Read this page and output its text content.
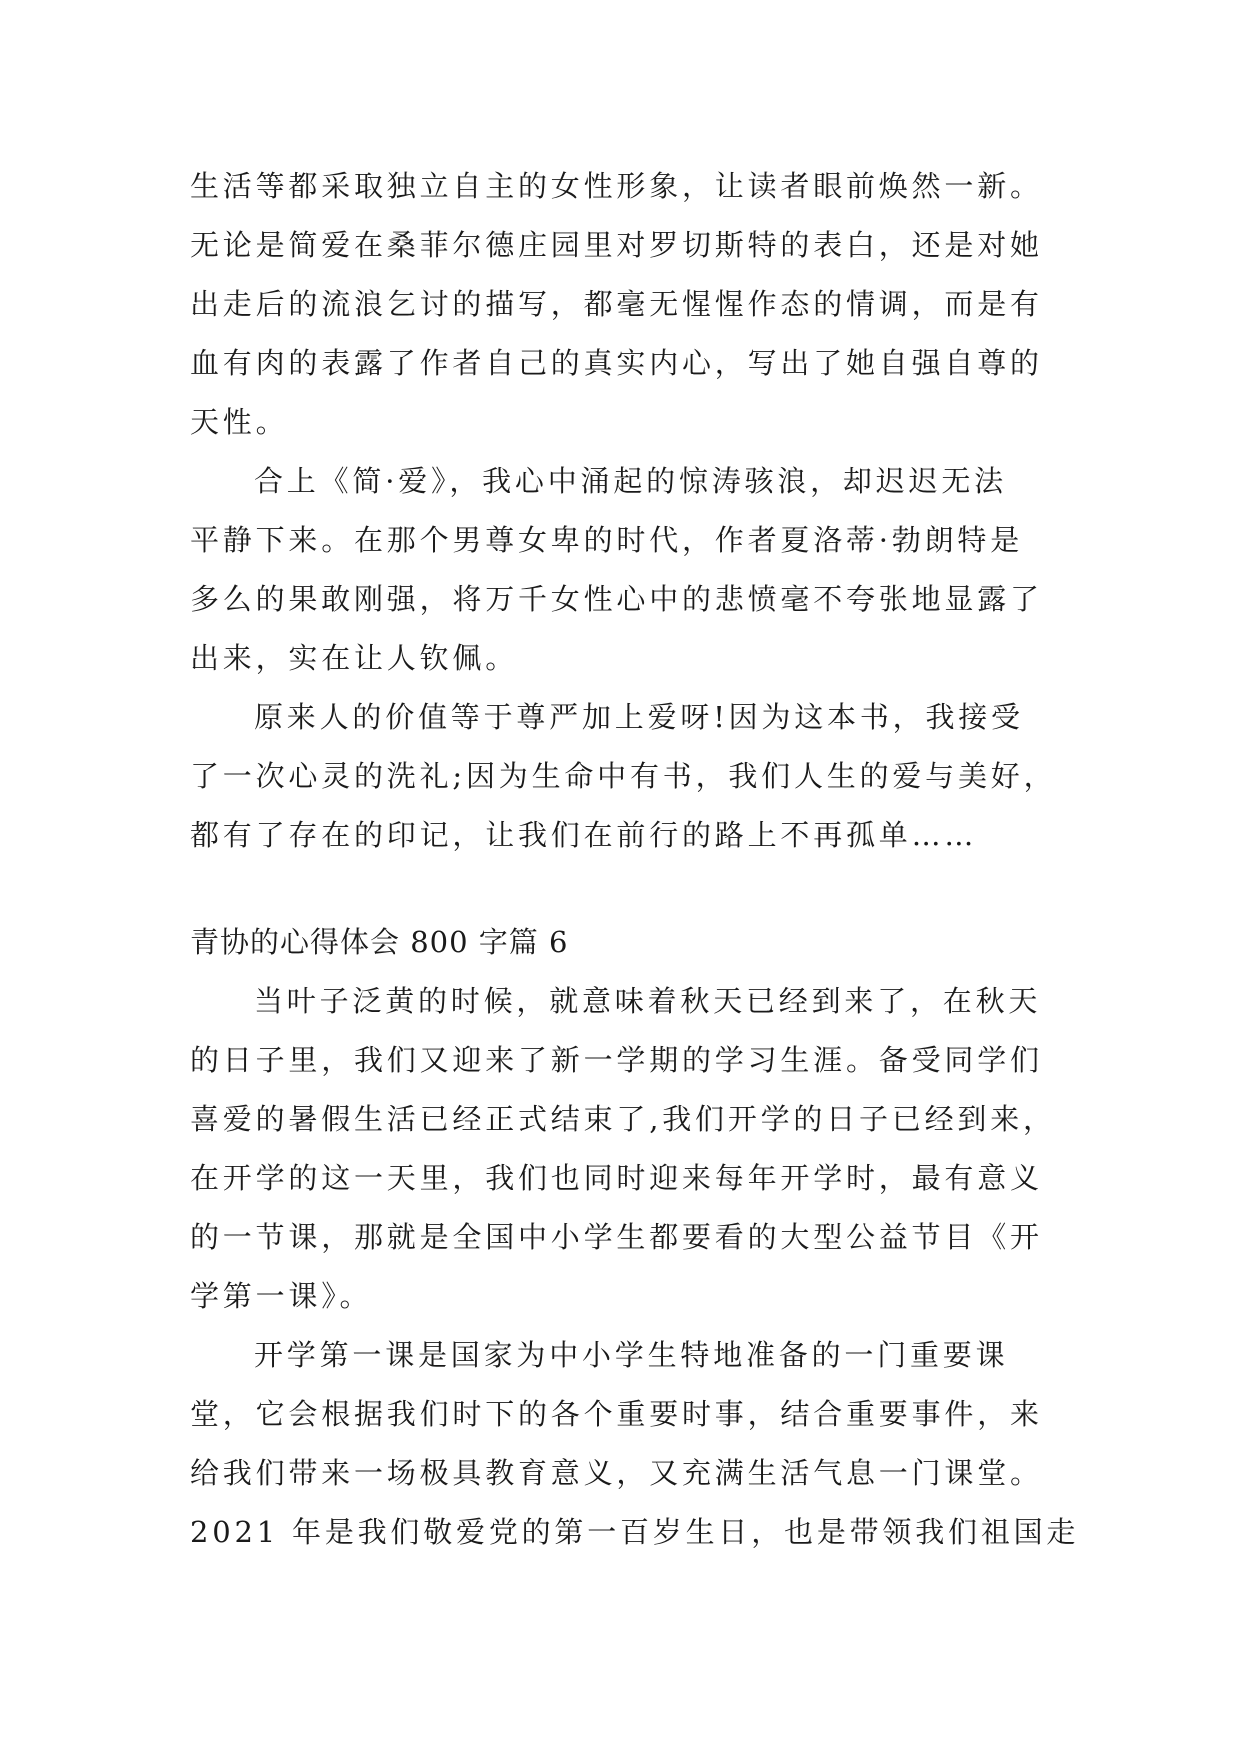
生活等都采取独立自主的女性形象，让读者眼前焕然一新。
无论是简爱在桑菲尔德庄园里对罗切斯特的表白，还是对她
出走后的流浪乞讨的描写，都毫无惺惺作态的情调，而是有
血有肉的表露了作者自己的真实内心，写出了她自强自尊的
天性。
合上《简·爱》，我心中涌起的惊涛骇浪，却迟迟无法
平静下来。在那个男尊女卑的时代，作者夏洛蒂·勃朗特是
多么的果敢刚强，将万千女性心中的悲愤毫不夸张地显露了
出来，实在让人钦佩。
原来人的价值等于尊严加上爱呀!因为这本书，我接受
了一次心灵的洗礼;因为生命中有书，我们人生的爱与美好，
都有了存在的印记，让我们在前行的路上不再孤单……
青协的心得体会 800 字篇 6
当叶子泛黄的时候，就意味着秋天已经到来了，在秋天
的日子里，我们又迎来了新一学期的学习生涯。备受同学们
喜爱的暑假生活已经正式结束了,我们开学的日子已经到来，
在开学的这一天里，我们也同时迎来每年开学时，最有意义
的一节课，那就是全国中小学生都要看的大型公益节目《开
学第一课》。
开学第一课是国家为中小学生特地准备的一门重要课
堂，它会根据我们时下的各个重要时事，结合重要事件，来
给我们带来一场极具教育意义，又充满生活气息一门课堂。
2021 年是我们敬爱党的第一百岁生日，也是带领我们祖国走
